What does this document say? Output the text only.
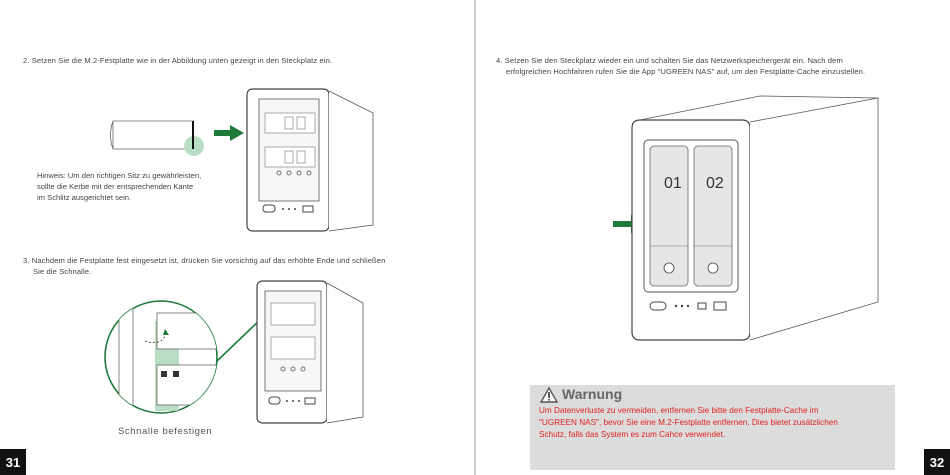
2. Setzen Sie die M.2-Festplatte wie in der Abbildung unten gezeigt in den Steckplatz ein.
Hinweis: Um den richtigen Sitz zu gewährleisten,
sollte die Kerbe mit der entsprechenden Kante
im Schlitz ausgerichtet sein.
3. Nachdem die Festplatte fest eingesetzt ist, drücken Sie vorsichtig auf das erhöhte Ende und schließen
Sie die Schnalle.
Schnalle befestigen
31
4. Setzen Sie den Steckplatz wieder ein und schalten Sie das Netzwerkspeichergerät ein. Nach dem
erfolgreichen Hochfahren rufen Sie die App "UGREEN NAS" auf, um den Festplatte-Cache einzustellen.
01 02
Warnung
Um Datenverluste zu vermeiden, entfernen Sie bitte den Festplatte-Cache im
"UGREEN NAS", bevor Sie eine M.2-Festplatte entfernen. Dies bietet zusätzlichen
Schutz, falls das System es zum Cahce verwendet.
32
